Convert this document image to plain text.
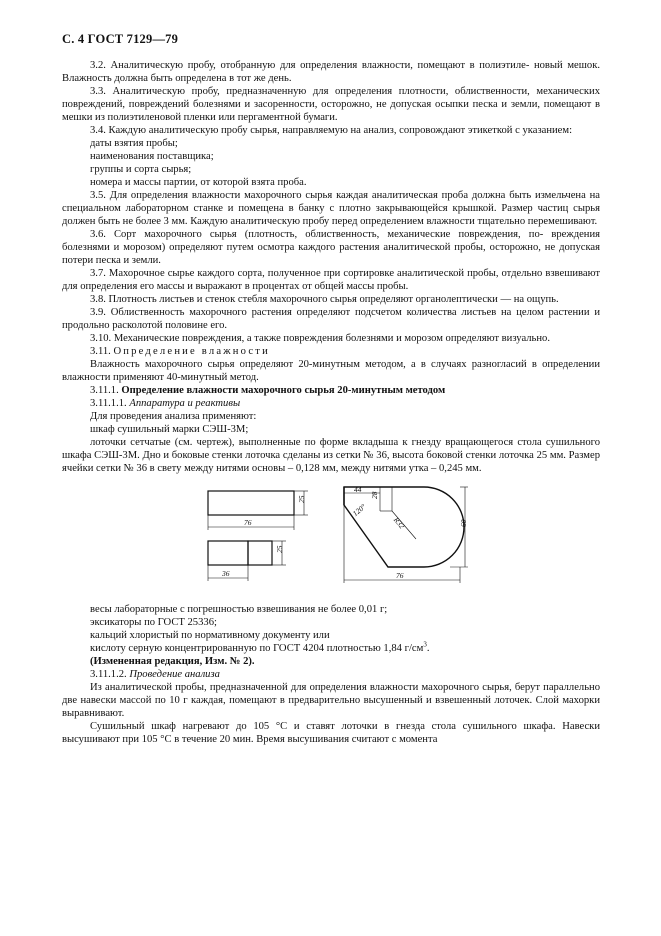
С. 4 ГОСТ 7129—79

3.2. Аналитическую пробу, отобранную для определения влажности, помещают в полиэтиле- новый мешок. Влажность должна быть определена в тот же день.

3.3. Аналитическую пробу, предназначенную для определения плотности, облиственности, механических повреждений, повреждений болезнями и засоренности, осторожно, не допуская осыпки песка и земли, помещают в мешки из полиэтиленовой пленки или пергаментной бумаги.

3.4. Каждую аналитическую пробу сырья, направляемую на анализ, сопровождают этикеткой с указанием:

даты взятия пробы;

наименования поставщика;

группы и сорта сырья;

номера и массы партии, от которой взята проба.

3.5. Для определения влажности махорочного сырья каждая аналитическая проба должна быть измельчена на специальном лабораторном станке и помещена в банку с плотно закрывающейся крышкой. Размер частиц сырья должен быть не более 3 мм. Каждую аналитическую пробу перед определением влажности тщательно перемешивают.

3.6. Сорт махорочного сырья (плотность, облиственность, механические повреждения, по- вреждения болезнями и морозом) определяют путем осмотра каждого растения аналитической пробы, осторожно, не допуская потери песка и земли.

3.7. Махорочное сырье каждого сорта, полученное при сортировке аналитической пробы, отдельно взвешивают для определения его массы и выражают в процентах от общей массы пробы.

3.8. Плотность листьев и стенок стебля махорочного сырья определяют органолептически — на ощупь.

3.9. Облиственность махорочного растения определяют подсчетом количества листьев на целом растении и продольно расколотой половине его.

3.10. Механические повреждения, а также повреждения болезнями и морозом определяют визуально.

3.11. Определение влажности

Влажность махорочного сырья определяют 20-минутным методом, а в случаях разногласий в определении влажности применяют 40-минутный метод.

3.11.1. Определение влажности махорочного сырья 20-минутным методом

3.11.1.1. Аппаратура и реактивы

Для проведения анализа применяют:

шкаф сушильный марки СЭШ-3М;

лоточки сетчатые (см. чертеж), выполненные по форме вкладыша к гнезду вращающегося стола сушильного шкафа СЭШ-3М. Дно и боковые стенки лоточка сделаны из сетки № 36, высота боковой стенки лоточка 25 мм. Размер ячейки сетки № 36 в свету между нитями основы – 0,128 мм, между нитями утка – 0,245 мм.

25
76
25
36
28
44
120°
R32	60
76

весы лабораторные с погрешностью взвешивания не более 0,01 г;

эксикаторы по ГОСТ 25336;

кальций хлористый по нормативному документу или

кислоту серную концентрированную по ГОСТ 4204 плотностью 1,84 $г/см^3$.

(Измененная редакция, Изм. № 2).

3.11.1.2. Проведение анализа

Из аналитической пробы, предназначенной для определения влажности махорочного сырья, берут параллельно две навески массой по 10 г каждая, помещают в предварительно высушенный и взвешенный лоточек. Слой махорки выравнивают.

Сушильный шкаф нагревают до 105 °С и ставят лоточки в гнезда стола сушильного шкафа. Навески высушивают при 105 °С в течение 20 мин. Время высушивания считают с момента
